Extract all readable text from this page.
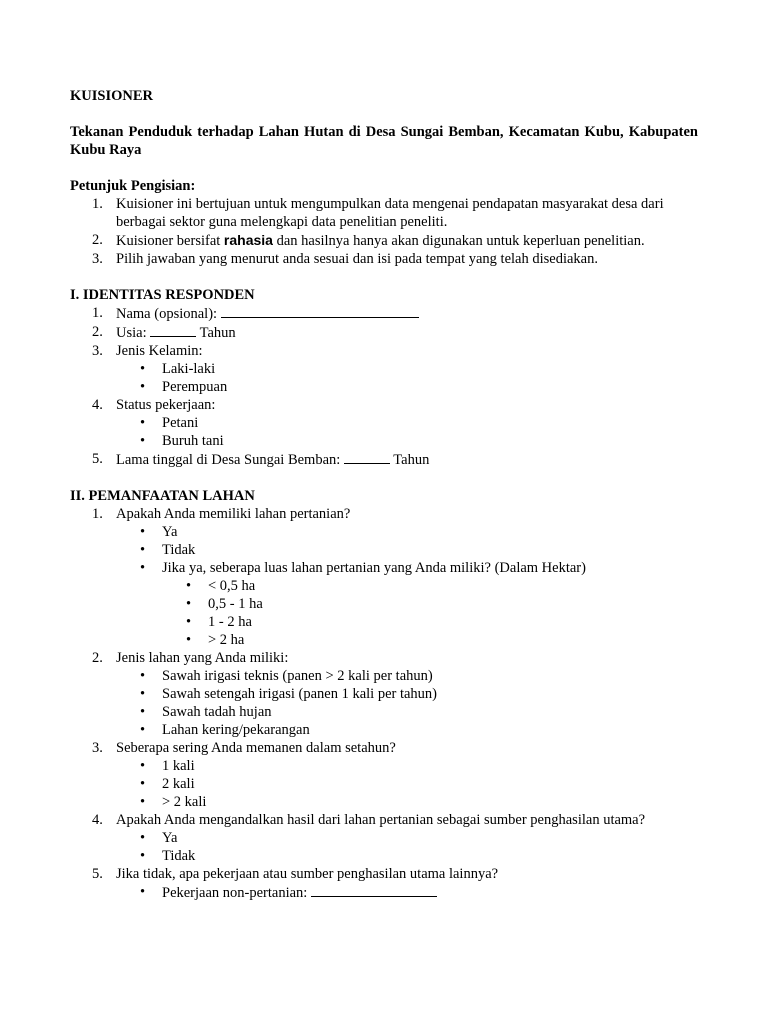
KUISIONER

Tekanan Penduduk terhadap Lahan Hutan di Desa Sungai Bemban, Kecamatan Kubu, Kabupaten Kubu Raya

Petunjuk Pengisian:

1. Kuisioner ini bertujuan untuk mengumpulkan data mengenai pendapatan masyarakat desa dari berbagai sektor guna melengkapi data penelitian peneliti.
2. Kuisioner bersifat rahasia dan hasilnya hanya akan digunakan untuk keperluan penelitian.
3. Pilih jawaban yang menurut anda sesuai dan isi pada tempat yang telah disediakan.

I. IDENTITAS RESPONDEN

1. Nama (opsional):
2. Usia:	Tahun
3. Jenis Kelamin:
• Laki-laki
• Perempuan
4. Status pekerjaan:
• Petani
• Buruh tani
5. Lama tinggal di Desa Sungai Bemban:	Tahun

II. PEMANFAATAN LAHAN

1. Apakah Anda memiliki lahan pertanian?
• Ya
• Tidak
• Jika ya, seberapa luas lahan pertanian yang Anda miliki? (Dalam Hektar)
• < 0,5 ha
• 0,5 - 1 ha
• 1 - 2 ha
• > 2 ha
2. Jenis lahan yang Anda miliki:
• Sawah irigasi teknis (panen > 2 kali per tahun)
• Sawah setengah irigasi (panen 1 kali per tahun)
• Sawah tadah hujan
• Lahan kering/pekarangan
3. Seberapa sering Anda memanen dalam setahun?
• 1 kali
• 2 kali
• > 2 kali
4. Apakah Anda mengandalkan hasil dari lahan pertanian sebagai sumber penghasilan utama?
• Ya
• Tidak
5. Jika tidak, apa pekerjaan atau sumber penghasilan utama lainnya?
• Pekerjaan non-pertanian:
